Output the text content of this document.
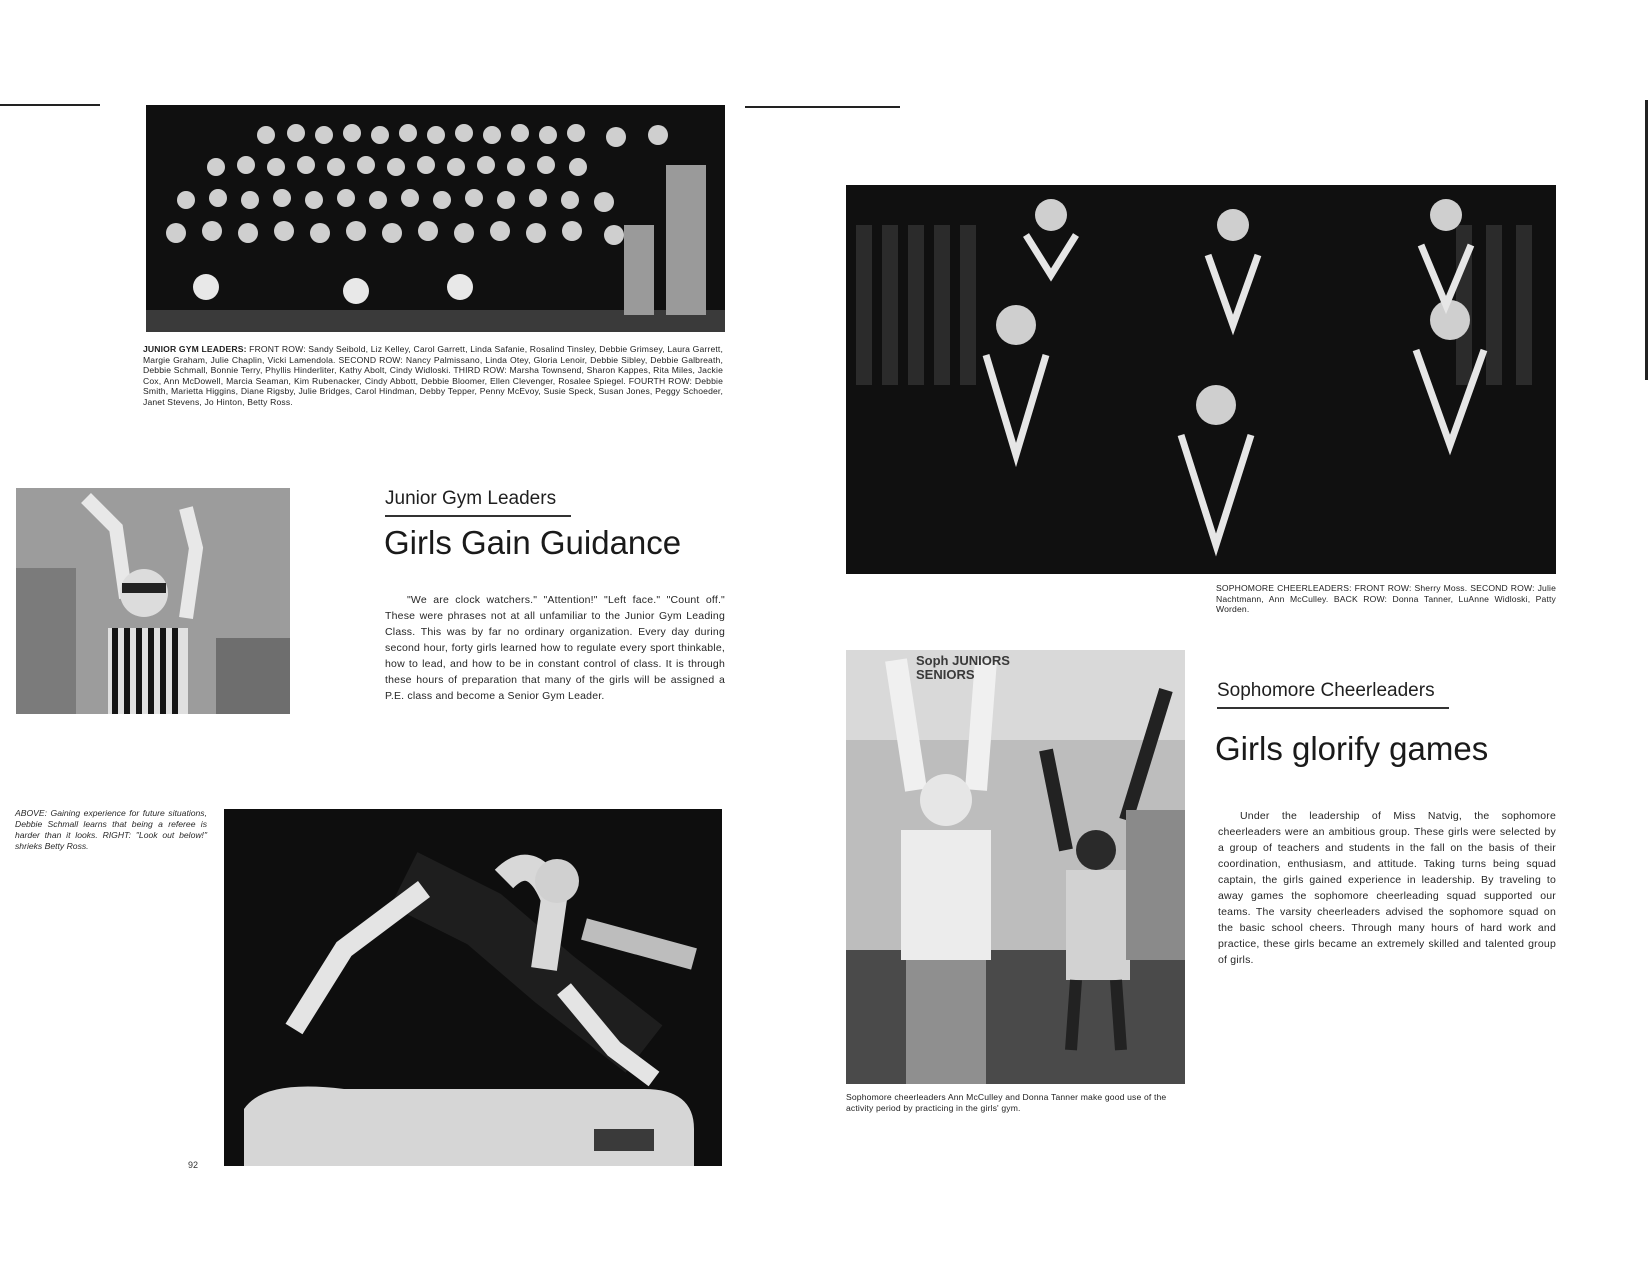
JUNIOR GYM LEADERS: FRONT ROW: Sandy Seibold, Liz Kelley, Carol Garrett, Linda Safanie, Rosalind Tinsley, Debbie Grimsey, Laura Garrett, Margie Graham, Julie Chaplin, Vicki Lamendola. SECOND ROW: Nancy Palmissano, Linda Otey, Gloria Lenoir, Debbie Sibley, Debbie Galbreath, Debbie Schmall, Bonnie Terry, Phyllis Hinderliter, Kathy Abolt, Cindy Widloski. THIRD ROW: Marsha Townsend, Sharon Kappes, Rita Miles, Jackie Cox, Ann McDowell, Marcia Seaman, Kim Rubenacker, Cindy Abbott, Debbie Bloomer, Ellen Clevenger, Rosalee Spiegel. FOURTH ROW: Debbie Smith, Marietta Higgins, Diane Rigsby, Julie Bridges, Carol Hindman, Debby Tepper, Penny McEvoy, Susie Speck, Susan Jones, Peggy Schoeder, Janet Stevens, Jo Hinton, Betty Ross.
Junior Gym Leaders
Girls Gain Guidance

"We are clock watchers." "Attention!" "Left face." "Count off." These were phrases not at all unfamiliar to the Junior Gym Leading Class. This was by far no ordinary organization. Every day during second hour, forty girls learned how to regulate every sport thinkable, how to lead, and how to be in constant control of class. It is through these hours of preparation that many of the girls will be assigned a P.E. class and become a Senior Gym Leader.

ABOVE: Gaining experience for future situations, Debbie Schmall learns that being a referee is harder than it looks. RIGHT: "Look out below!" shrieks Betty Ross.
92
SOPHOMORE CHEERLEADERS: FRONT ROW: Sherry Moss. SECOND ROW: Julie Nachtmann, Ann McCulley. BACK ROW: Donna Tanner, LuAnne Widloski, Patty Worden.
Soph JUNIORS SENIORS
Sophomore cheerleaders Ann McCulley and Donna Tanner make good use of the activity period by practicing in the girls' gym.
Sophomore Cheerleaders
Girls glorify games

Under the leadership of Miss Natvig, the sophomore cheerleaders were an ambitious group. These girls were selected by a group of teachers and students in the fall on the basis of their coordination, enthusiasm, and attitude. Taking turns being squad captain, the girls gained experience in leadership. By traveling to away games the sophomore cheerleading squad supported our teams. The varsity cheerleaders advised the sophomore squad on the basic school cheers. Through many hours of hard work and practice, these girls became an extremely skilled and talented group of girls.
